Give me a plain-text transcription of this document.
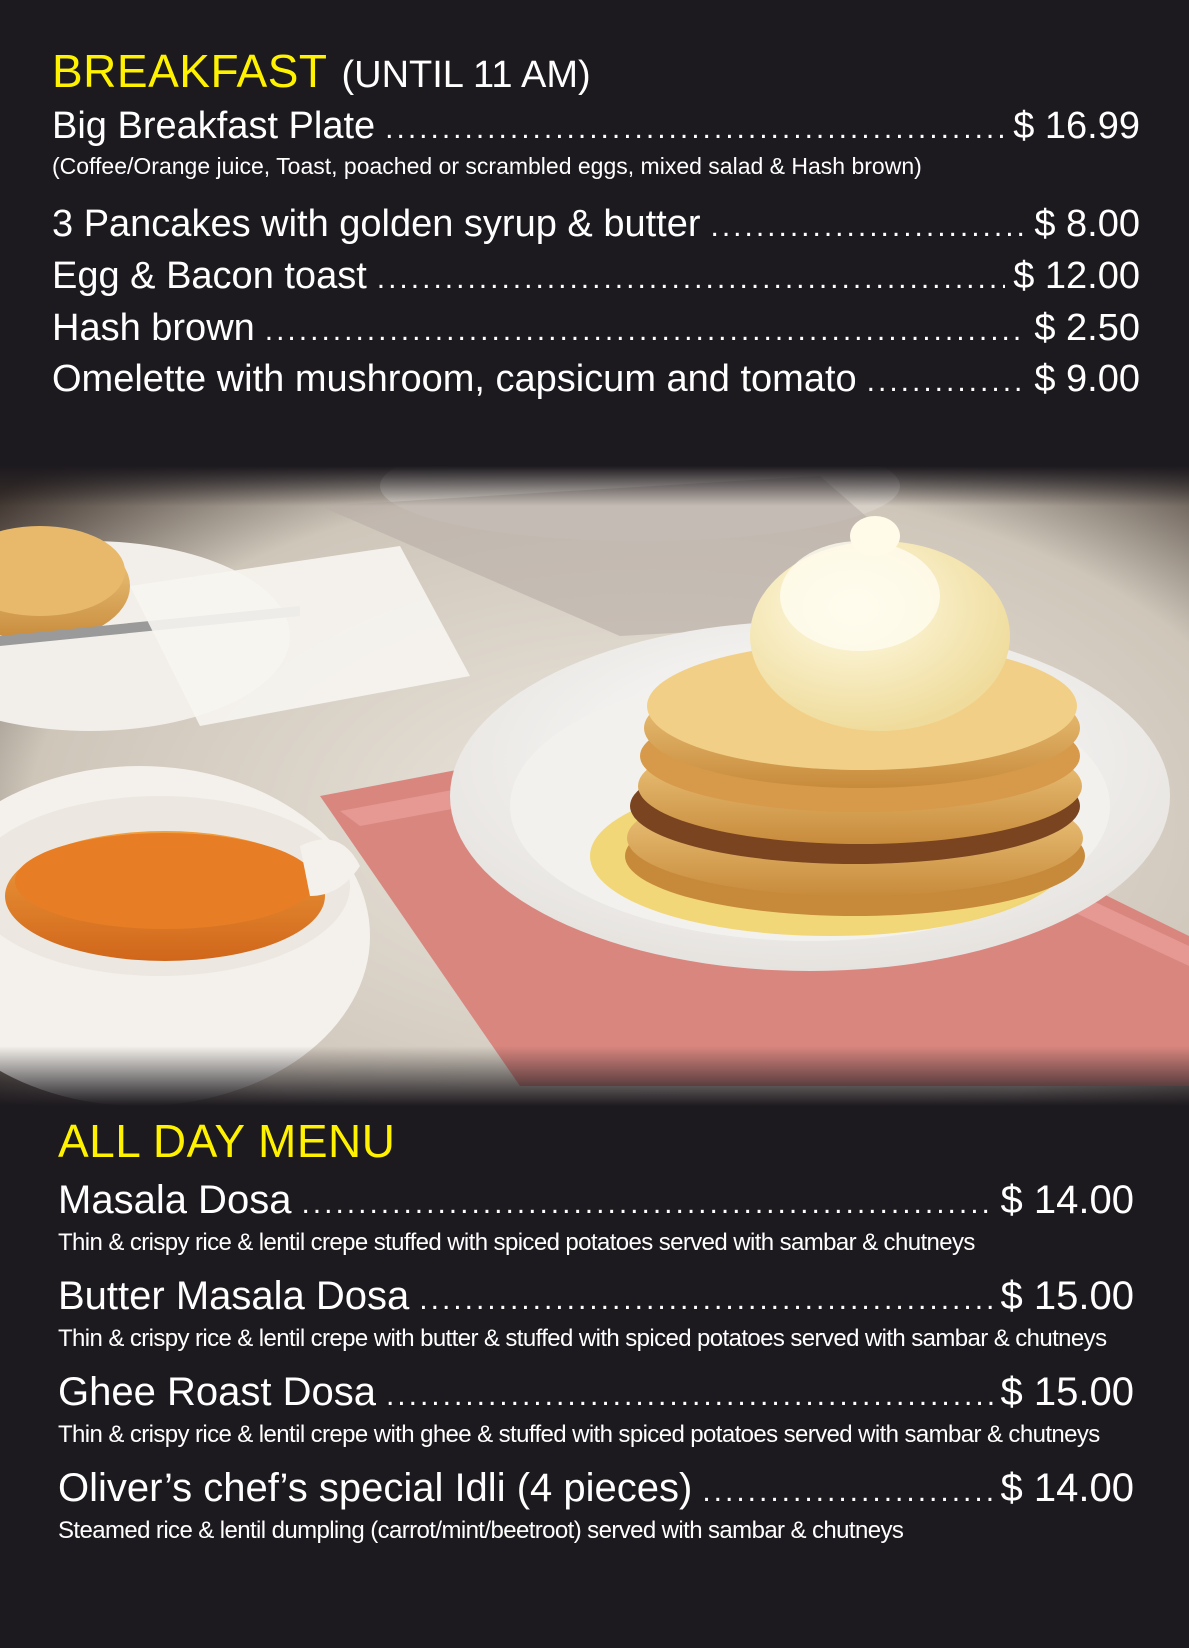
BREAKFAST (UNTIL 11 AM)
Big Breakfast Plate .....	$ 16.99
(Coffee/Orange juice, Toast, poached or scrambled eggs, mixed salad & Hash brown)
3 Pancakes with golden syrup & butter .....	$ 8.00
Egg & Bacon toast .....	$ 12.00
Hash brown .....	$ 2.50
Omelette with mushroom, capsicum and tomato .....	$ 9.00
ALL DAY MENU
Masala Dosa .....	$ 14.00
Thin & crispy rice & lentil crepe stuffed with spiced potatoes served with sambar & chutneys
Butter Masala Dosa .....	$ 15.00
Thin & crispy rice & lentil crepe with butter & stuffed with spiced potatoes served with sambar & chutneys
Ghee Roast Dosa .....	$ 15.00
Thin & crispy rice & lentil crepe with ghee & stuffed with spiced potatoes served with sambar & chutneys
Oliver’s chef’s special Idli (4 pieces) .....	$ 14.00
Steamed rice & lentil dumpling (carrot/mint/beetroot) served with sambar & chutneys
